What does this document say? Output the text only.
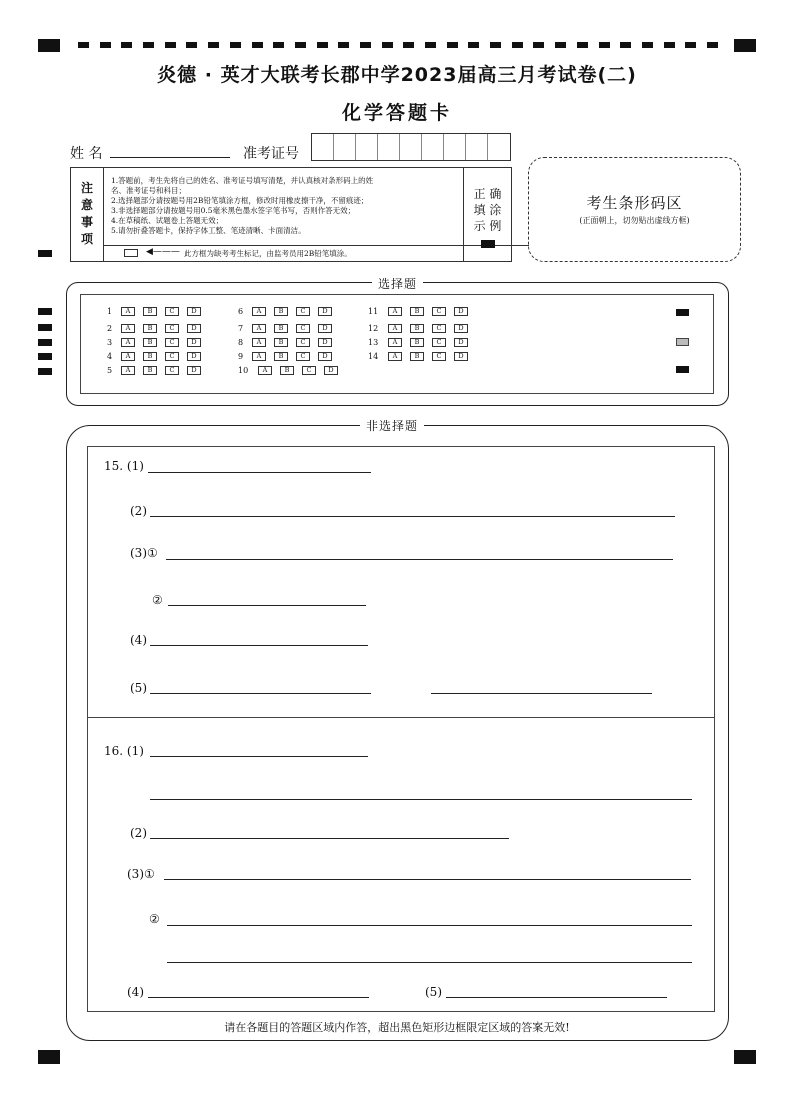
炎德 · 英才大联考长郡中学2023届高三月考试卷(二)
化学答题卡
姓 名	准考证号
注
意
事
项
1.答题前，考生先将自己的姓名、准考证号填写清楚，并认真核对条形码上的姓
名、准考证号和科目；
2.选择题部分请按题号用2B铅笔填涂方框，修改时用橡皮擦干净，不留痕迹；
3.非选择题部分请按题号用0.5毫米黑色墨水签字笔书写，否则作答无效；
4.在草稿纸、试题卷上答题无效；
5.请勿折叠答题卡，保持字体工整、笔迹清晰、卡面清洁。
◀——— 此方框为缺考考生标记，由监考员用2B铅笔填涂。
正 确
填 涂
示 例
考生条形码区
(正面朝上，切勿贴出虚线方框)
选择题
1	A	B	C	D
2	A	B	C	D
3	A	B	C	D
4	A	B	C	D
5	A	B	C	D
6	A	B	C	D
7	A	B	C	D
8	A	B	C	D
9	A	B	C	D
10	A	B	C	D
11	A	B	C	D
12	A	B	C	D
13	A	B	C	D
14	A	B	C	D
非选择题
15. (1)
(2)
(3)①
②
(4)
(5)
16. (1)
(2)
(3)①
②
(4)	(5)
请在各题目的答题区域内作答，超出黑色矩形边框限定区域的答案无效!
